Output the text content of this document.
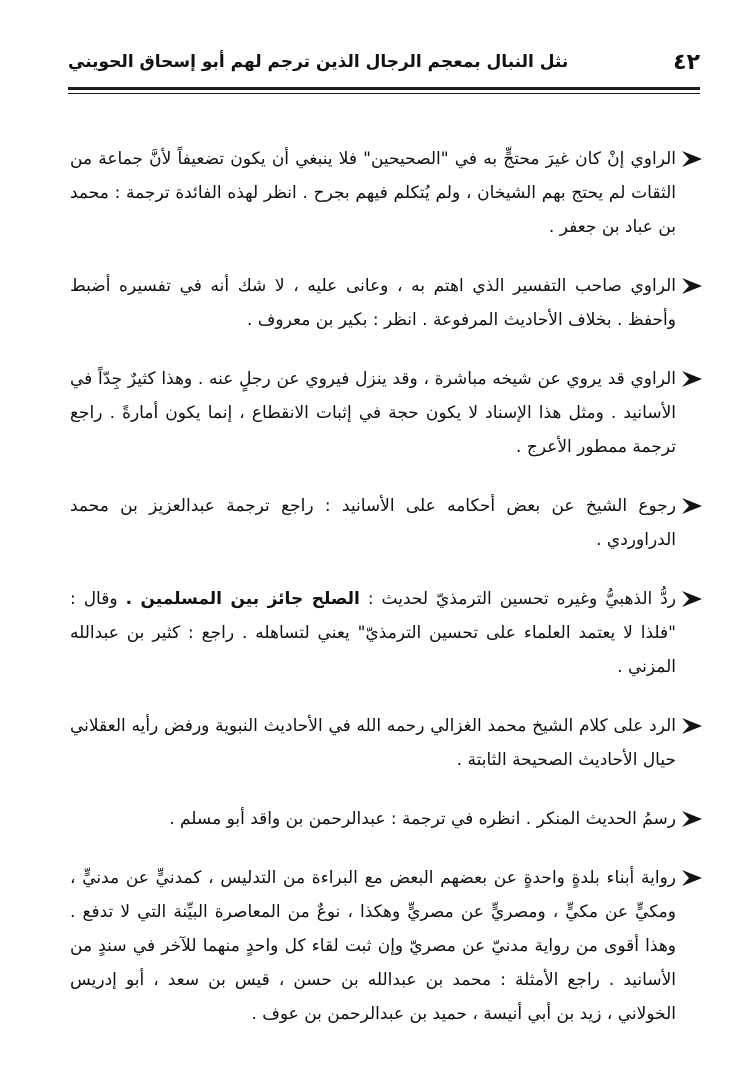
٤٢
نثل النبال بمعجم الرجال الذين ترجم لهم أبو إسحاق الحويني

الراوي إنْ كان غيرَ محتجٍّ به في "الصحيحين" فلا ينبغي أن يكون تضعيفاً لأنَّ جماعة من الثقات لم يحتج بهم الشيخان ، ولم يُتكلم فيهم بجرح . انظر لهذه الفائدة ترجمة : محمد بن عباد بن جعفر .

الراوي صاحب التفسير الذي اهتم به ، وعانى عليه ، لا شك أنه في تفسيره أضبط وأحفظ . بخلاف الأحاديث المرفوعة . انظر : بكير بن معروف .

الراوي قد يروي عن شيخه مباشرة ، وقد ينزل فيروي عن رجلٍ عنه . وهذا كثيرٌ جِدّاً في الأسانيد . ومثل هذا الإسناد لا يكون حجة في إثبات الانقطاع ، إنما يكون أمارةً . راجع ترجمة ممطور الأعرج .

رجوع الشيخ عن بعض أحكامه على الأسانيد : راجع ترجمة عبدالعزيز بن محمد الدراوردي .

ردُّ الذهبيُّ وغيره تحسين الترمذيّ لحديث : الصلح جائز بين المسلمين . وقال : "فلذا لا يعتمد العلماء على تحسين الترمذيّ" يعني لتساهله . راجع : كثير بن عبدالله المزني .

الرد على كلام الشيخ محمد الغزالي رحمه الله في الأحاديث النبوية ورفض رأيه العقلاني حيال الأحاديث الصحيحة الثابتة .

رسمُ الحديث المنكر . انظره في ترجمة : عبدالرحمن بن واقد أبو مسلم .

رواية أبناء بلدةٍ واحدةٍ عن بعضهم البعض مع البراءة من التدليس ، كمدنيٍّ عن مدنيٍّ ، ومكيٍّ عن مكيٍّ ، ومصريٍّ عن مصريٍّ وهكذا ، نوعٌ من المعاصرة البيِّنة التي لا تدفع . وهذا أقوى من رواية مدنيّ عن مصريّ وإن ثبت لقاء كل واحدٍ منهما للآخر في سندٍ من الأسانيد . راجع الأمثلة : محمد بن عبدالله بن حسن ، قيس بن سعد ، أبو إدريس الخولاني ، زيد بن أبي أنيسة ، حميد بن عبدالرحمن بن عوف .
